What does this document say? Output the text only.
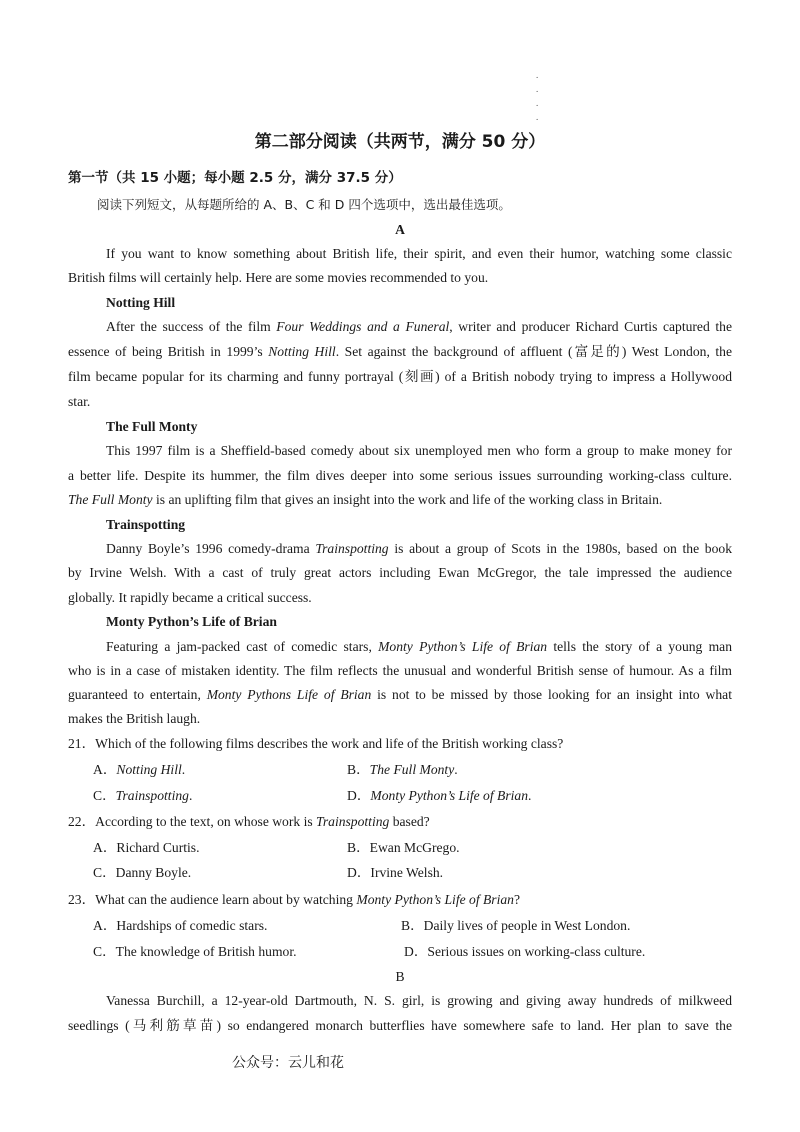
.
.
.
.
第二部分阅读（共两节，满分 50 分）
第一节（共 15 小题；每小题 2.5 分，满分 37.5 分）
阅读下列短文，从每题所给的 A、B、C 和 D 四个选项中，选出最佳选项。
A
If you want to know something about British life, their spirit, and even their humor, watching some classic
British films will certainly help. Here are some movies recommended to you.
Notting Hill
After the success of the film Four Weddings and a Funeral, writer and producer Richard Curtis captured the
essence of being British in 1999’s Notting Hill. Set against the background of affluent (富足的) West London, the
film became popular for its charming and funny portrayal (刻画) of a British nobody trying to impress a Hollywood
star.
The Full Monty
This 1997 film is a Sheffield-based comedy about six unemployed men who form a group to make money for
a better life. Despite its hummer, the film dives deeper into some serious issues surrounding working-class culture.
The Full Monty is an uplifting film that gives an insight into the work and life of the working class in Britain.
Trainspotting
Danny Boyle’s 1996 comedy-drama Trainspotting is about a group of Scots in the 1980s, based on the book
by Irvine Welsh. With a cast of truly great actors including Ewan McGregor, the tale impressed the audience
globally. It rapidly became a critical success.
Monty Python’s Life of Brian
Featuring a jam-packed cast of comedic stars, Monty Python’s Life of Brian tells the story of a young man
who is in a case of mistaken identity. The film reflects the unusual and wonderful British sense of humour. As a film
guaranteed to entertain, Monty Pythons Life of Brian is not to be missed by those looking for an insight into what
makes the British laugh.
21．Which of the following films describes the work and life of the British working class?
A．Notting Hill.	B．The Full Monty.
C．Trainspotting.	D．Monty Python’s Life of Brian.
22．According to the text, on whose work is Trainspotting based?
A．Richard Curtis.	B．Ewan McGrego.
C．Danny Boyle.	D．Irvine Welsh.
23．What can the audience learn about by watching Monty Python’s Life of Brian?
A．Hardships of comedic stars.	B．Daily lives of people in West London.
C．The knowledge of British humor.	D．Serious issues on working-class culture.
B
Vanessa Burchill, a 12-year-old Dartmouth, N. S. girl, is growing and giving away hundreds of milkweed
seedlings (马利筋草苗) so endangered monarch butterflies have somewhere safe to land. Her plan to save the
公众号：云儿和花
